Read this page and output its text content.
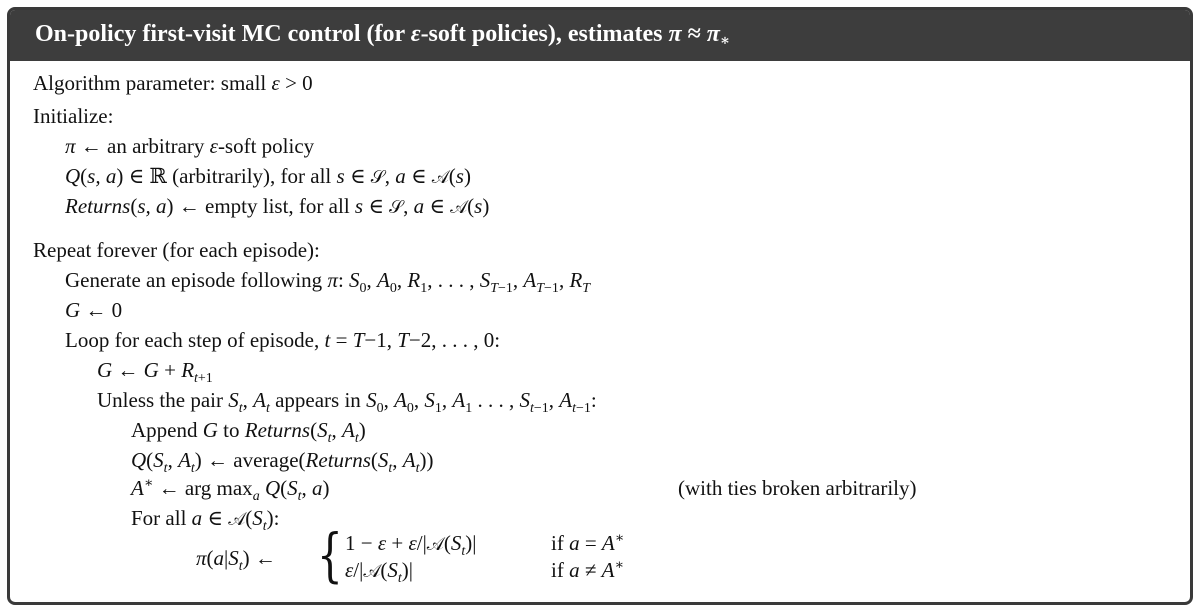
On-policy first-visit MC control (for ε-soft policies), estimates $\pi \approx \pi_∗$
Algorithm parameter: small ε > 0
Initialize:
π ← an arbitrary ε-soft policy
Q(s, a) ∈ ℝ (arbitrarily), for all s ∈ 𝒮, a ∈ 𝒜(s)
Returns(s, a) ← empty list, for all s ∈ 𝒮, a ∈ 𝒜(s)
Repeat forever (for each episode):
Generate an episode following π: $S_0$, $A_0$, $R_1$, . . . , $S_{T-1}$, $A_{T-1}$, $R_T$
G ← 0
Loop for each step of episode, t = T−1, T−2, . . . , 0:
G ← $G + R_{t+1}$
Unless the pair $S_t$, $A_t$ appears in $S_0$, $A_0$, $S_1$, $A_1$ . . . , $S_{t-1}$, $A_{t-1}$:
Append G to $Returns(S_t$, $A_t$)
$Q(S_t$, $A_t$) ← $average(Returns(S_t$, $A_t$))
A∗ ← arg $\max_a Q(S_t$, a)	(with ties broken arbitrarily)
For all a ∈ $𝒜(S_t)$:
$\pi(a|S_t)$ ← { $1 - \varepsilon + \varepsilon/|𝒜(S_t)|$	if a = A∗
$\varepsilon/|𝒜(S_t)|$	if a ≠ A∗
